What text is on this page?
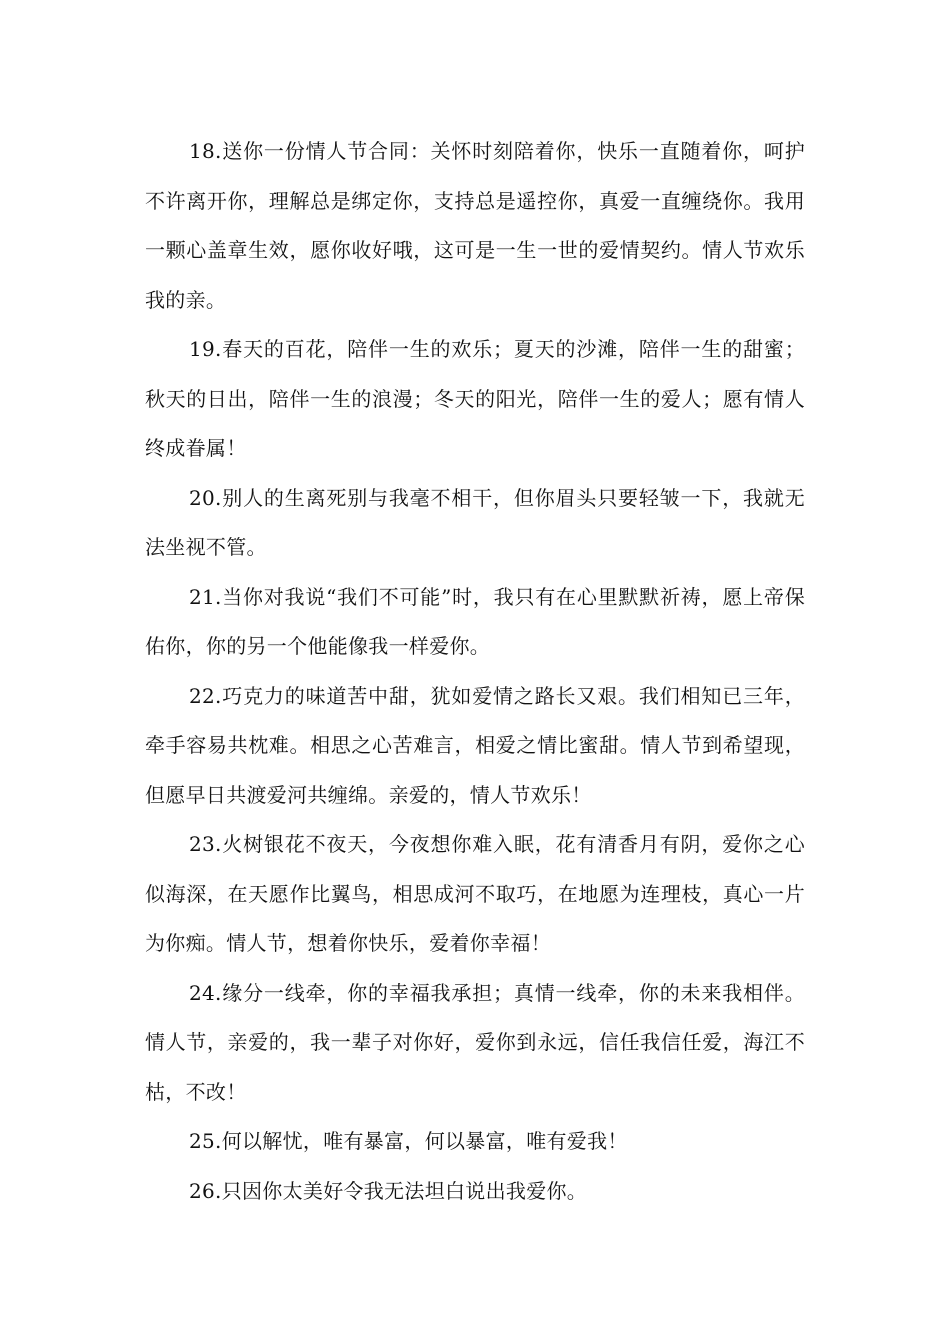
18.送你一份情人节合同：关怀时刻陪着你，快乐一直随着你，呵护不许离开你，理解总是绑定你，支持总是遥控你，真爱一直缠绕你。我用一颗心盖章生效，愿你收好哦，这可是一生一世的爱情契约。情人节欢乐我的亲。

19.春天的百花，陪伴一生的欢乐；夏天的沙滩，陪伴一生的甜蜜；秋天的日出，陪伴一生的浪漫；冬天的阳光，陪伴一生的爱人；愿有情人终成眷属！

20.别人的生离死别与我毫不相干，但你眉头只要轻皱一下，我就无法坐视不管。

21.当你对我说“我们不可能”时，我只有在心里默默祈祷，愿上帝保佑你，你的另一个他能像我一样爱你。

22.巧克力的味道苦中甜，犹如爱情之路长又艰。我们相知已三年，牵手容易共枕难。相思之心苦难言，相爱之情比蜜甜。情人节到希望现，但愿早日共渡爱河共缠绵。亲爱的，情人节欢乐！

23.火树银花不夜天，今夜想你难入眠，花有清香月有阴，爱你之心似海深，在天愿作比翼鸟，相思成河不取巧，在地愿为连理枝，真心一片为你痴。情人节，想着你快乐，爱着你幸福！

24.缘分一线牵，你的幸福我承担；真情一线牵，你的未来我相伴。情人节，亲爱的，我一辈子对你好，爱你到永远，信任我信任爱，海江不枯，不改！

25.何以解忧，唯有暴富，何以暴富，唯有爱我！

26.只因你太美好令我无法坦白说出我爱你。
